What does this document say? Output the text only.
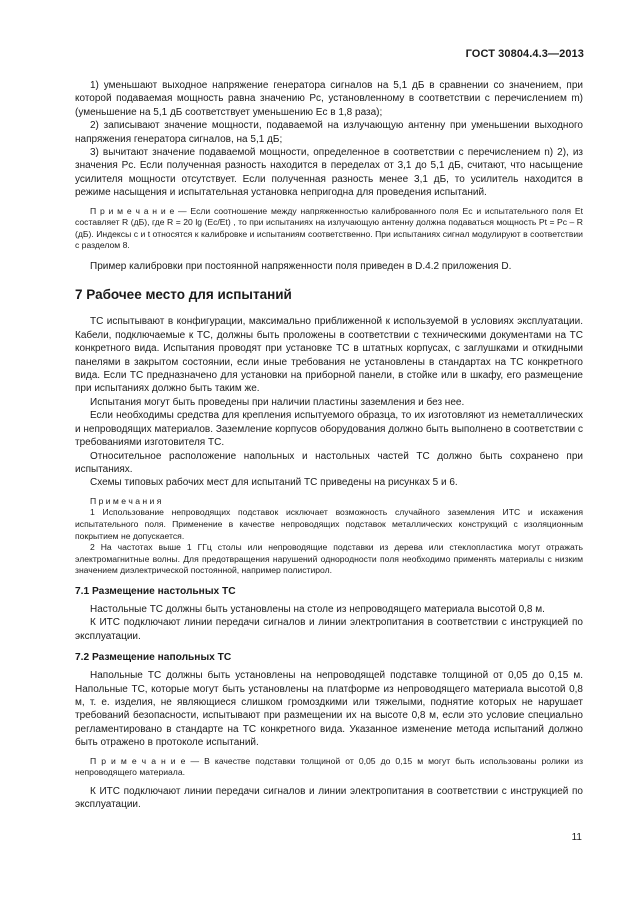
ГОСТ 30804.4.3—2013

1) уменьшают выходное напряжение генератора сигналов на 5,1 дБ в сравнении со значением, при которой подаваемая мощность равна значению Pс, установленному в соответствии с перечислением m) (уменьшение на 5,1 дБ соответствует уменьшению Eс в 1,8 раза);

2) записывают значение мощности, подаваемой на излучающую антенну при уменьшении выходного напряжения генератора сигналов, на 5,1 дБ;

3) вычитают значение подаваемой мощности, определенное в соответствии с перечислением n) 2), из значения Pс. Если полученная разность находится в переделах от 3,1 до 5,1 дБ, считают, что насыщение усилителя мощности отсутствует. Если полученная разность менее 3,1 дБ, то усилитель находится в режиме насыщения и испытательная установка непригодна для проведения испытаний.

П р и м е ч а н и е — Если соотношение между напряженностью калиброванного поля Eс и испытательного поля Et составляет R (дБ), где R = 20 lg (Eс/Et) , то при испытаниях на излучающую антенну должна подаваться мощность Pt = Pс – R (дБ). Индексы c и t относятся к калибровке и испытаниям соответственно. При испытаниях сигнал модулируют в соответствии с разделом 8.

Пример калибровки при постоянной напряженности поля приведен в D.4.2 приложения D.

7 Рабочее место для испытаний

ТС испытывают в конфигурации, максимально приближенной к используемой в условиях эксплуатации. Кабели, подключаемые к ТС, должны быть проложены в соответствии с техническими документами на ТС конкретного вида. Испытания проводят при установке ТС в штатных корпусах, с заглушками и откидными панелями в закрытом состоянии, если иные требования не установлены в стандартах на ТС конкретного вида. Если ТС предназначено для установки на приборной панели, в стойке или в шкафу, его размещение при испытаниях должно быть таким же.

Испытания могут быть проведены при наличии пластины заземления и без нее.

Если необходимы средства для крепления испытуемого образца, то их изготовляют из неметаллических и непроводящих материалов. Заземление корпусов оборудования должно быть выполнено в соответствии с требованиями изготовителя ТС.

Относительное расположение напольных и настольных частей ТС должно быть сохранено при испытаниях.

Схемы типовых рабочих мест для испытаний ТС приведены на рисунках 5 и 6.

П р и м е ч а н и я

1 Использование непроводящих подставок исключает возможность случайного заземления ИТС и искажения испытательного поля. Применение в качестве непроводящих подставок металлических конструкций с изоляционным покрытием не допускается.

2 На частотах выше 1 ГГц столы или непроводящие подставки из дерева или стеклопластика могут отражать электромагнитные волны. Для предотвращения нарушений однородности поля необходимо применять материалы с низким значением диэлектрической постоянной, например полистирол.

7.1 Размещение настольных ТС

Настольные ТС должны быть установлены на столе из непроводящего материала высотой 0,8 м.

К ИТС подключают линии передачи сигналов и линии электропитания в соответствии с инструкцией по эксплуатации.

7.2 Размещение напольных ТС

Напольные ТС должны быть установлены на непроводящей подставке толщиной от 0,05 до 0,15 м. Напольные ТС, которые могут быть установлены на платформе из непроводящего материала высотой 0,8 м, т. е. изделия, не являющиеся слишком громоздкими или тяжелыми, поднятие которых не нарушает требований безопасности, испытывают при размещении их на высоте 0,8 м, если это условие специально регламентировано в стандарте на ТС конкретного вида. Указанное изменение метода испытаний должно быть отражено в протоколе испытаний.

П р и м е ч а н и е — В качестве подставки толщиной от 0,05 до 0,15 м могут быть использованы ролики из непроводящего материала.

К ИТС подключают линии передачи сигналов и линии электропитания в соответствии с инструкцией по эксплуатации.

11
